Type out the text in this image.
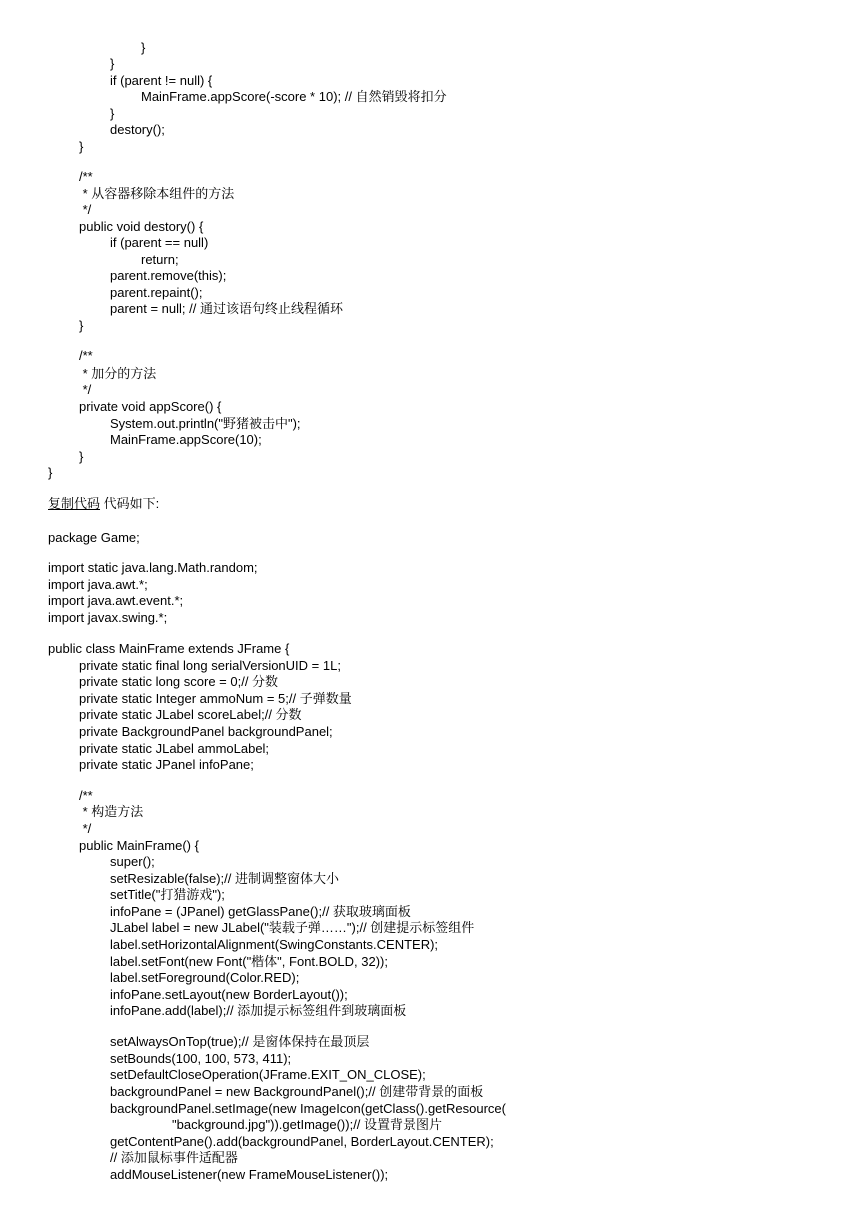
}
}
if (parent != null) {
MainFrame.appScore(-score * 10); // 自然销毁将扣分
}
destory();
}
/**
* 从容器移除本组件的方法
*/
public void destory() {
if (parent == null)
return;
parent.remove(this);
parent.repaint();
parent = null; // 通过该语句终止线程循环
}
/**
* 加分的方法
*/
private void appScore() {
System.out.println("野猪被击中");
MainFrame.appScore(10);
}
}
复制代码 代码如下:
package Game;
import static java.lang.Math.random;
import java.awt.*;
import java.awt.event.*;
import javax.swing.*;
public class MainFrame extends JFrame {
private static final long serialVersionUID = 1L;
private static long score = 0;// 分数
private static Integer ammoNum = 5;// 子弹数量
private static JLabel scoreLabel;// 分数
private BackgroundPanel backgroundPanel;
private static JLabel ammoLabel;
private static JPanel infoPane;
/**
* 构造方法
*/
public MainFrame() {
super();
setResizable(false);// 进制调整窗体大小
setTitle("打猎游戏");
infoPane = (JPanel) getGlassPane();// 获取玻璃面板
JLabel label = new JLabel("装载子弹……");// 创建提示标签组件
label.setHorizontalAlignment(SwingConstants.CENTER);
label.setFont(new Font("楷体", Font.BOLD, 32));
label.setForeground(Color.RED);
infoPane.setLayout(new BorderLayout());
infoPane.add(label);// 添加提示标签组件到玻璃面板
setAlwaysOnTop(true);// 是窗体保持在最顶层
setBounds(100, 100, 573, 411);
setDefaultCloseOperation(JFrame.EXIT_ON_CLOSE);
backgroundPanel = new BackgroundPanel();// 创建带背景的面板
backgroundPanel.setImage(new ImageIcon(getClass().getResource(
"background.jpg")).getImage());// 设置背景图片
getContentPane().add(backgroundPanel, BorderLayout.CENTER);
// 添加鼠标事件适配器
addMouseListener(new FrameMouseListener());
